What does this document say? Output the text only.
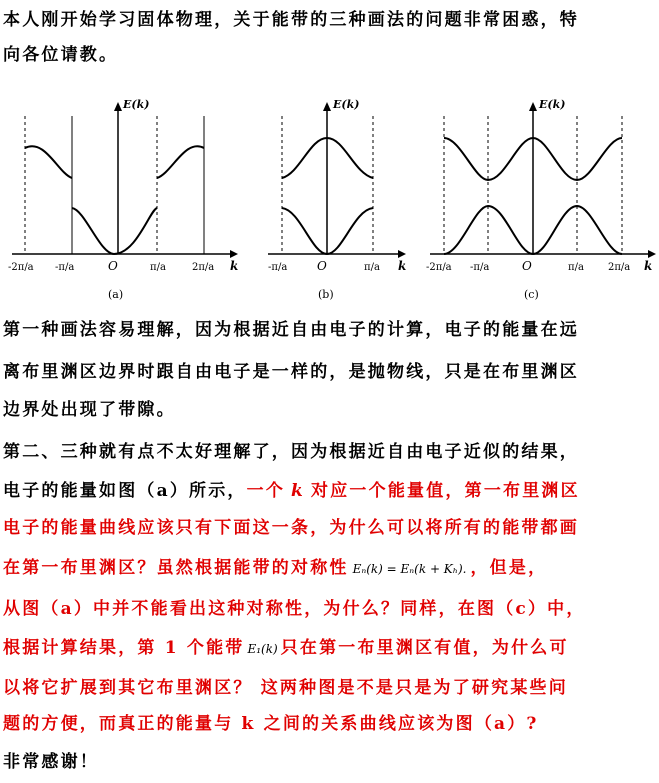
本人刚开始学习固体物理，关于能带的三种画法的问题非常困惑，特
向各位请教。
E(k)
O	k
-2π/a -π/a	π/a	2π/a
(a)
E(k)
O	k
-π/a	π/a
(b)
E(k)
O	k
-2π/a -π/a	π/a 2π/a
(c)
第一种画法容易理解，因为根据近自由电子的计算，电子的能量在远
离布里渊区边界时跟自由电子是一样的，是抛物线，只是在布里渊区
边界处出现了带隙。
第二、三种就有点不太好理解了，因为根据近自由电子近似的结果，
电子的能量如图（a）所示，一个 k 对应一个能量值，第一布里渊区
电子的能量曲线应该只有下面这一条，为什么可以将所有的能带都画
在第一布里渊区？虽然根据能带的对称性 Eₙ(k) = Eₙ(k + Kₕ). ，但是，
从图（a）中并不能看出这种对称性，为什么？同样，在图（c）中，
根据计算结果，第 1 个能带 E₁(k) 只在第一布里渊区有值，为什么可
以将它扩展到其它布里渊区？ 这两种图是不是只是为了研究某些问
题的方便，而真正的能量与 k 之间的关系曲线应该为图（a）?
非常感谢！
